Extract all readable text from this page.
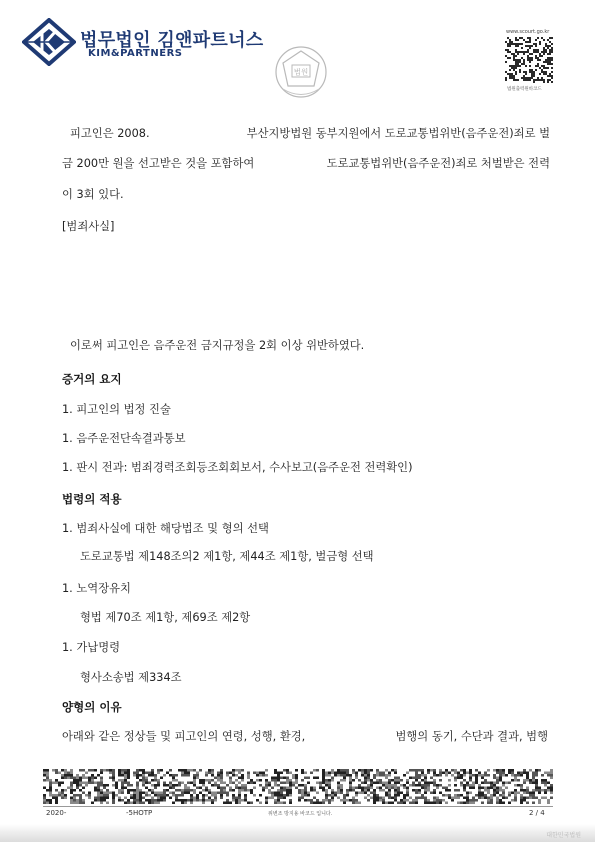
법무법인 김앤파트너스
KIM&PARTNERS
법원
www.scourt.go.kr
법원출력원바코드
피고인은 2008.	부산지방법원 동부지원에서 도로교통법위반(음주운전)죄로 벌
금 200만 원을 선고받은 것을 포함하여	도로교통법위반(음주운전)죄로 처벌받은 전력
이 3회 있다.
[범죄사실]
이로써 피고인은 음주운전 금지규정을 2회 이상 위반하였다.
증거의 요지
1. 피고인의 법정 진술
1. 음주운전단속결과통보
1. 판시 전과: 범죄경력조회등조회회보서, 수사보고(음주운전 전력확인)
법령의 적용
1. 범죄사실에 대한 해당법조 및 형의 선택
도로교통법 제148조의2 제1항, 제44조 제1항, 벌금형 선택
1. 노역장유치
형법 제70조 제1항, 제69조 제2항
1. 가납명령
형사소송법 제334조
양형의 이유
아래와 같은 정상들 및 피고인의 연령, 성행, 환경,	범행의 동기, 수단과 결과, 범행
2020-	-5HOTP	위변조 방지용 바코드 입니다.	2 / 4
대한민국법원
